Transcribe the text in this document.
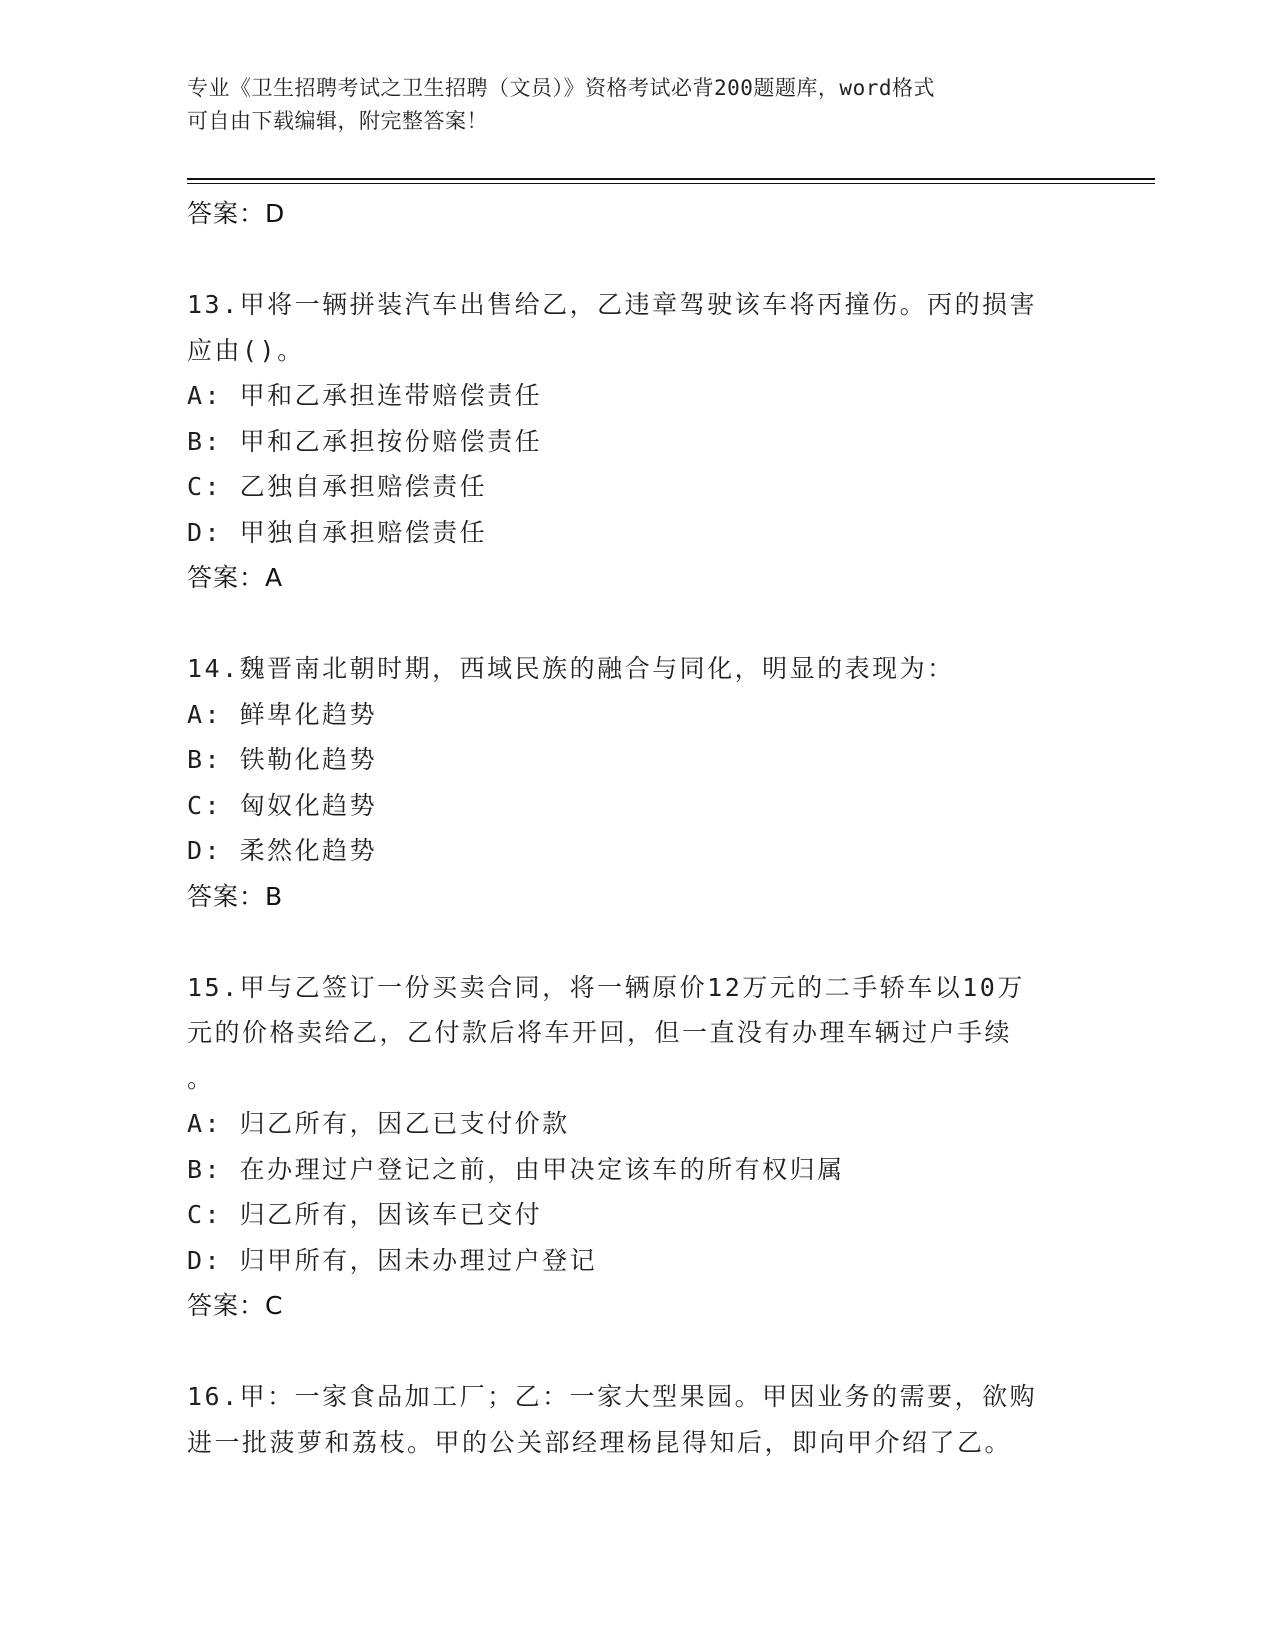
专业《卫生招聘考试之卫生招聘（文员）》资格考试必背200题题库，word格式
可自由下载编辑，附完整答案！
答案：D
13.甲将一辆拼装汽车出售给乙，乙违章驾驶该车将丙撞伤。丙的损害
应由()。
A: 甲和乙承担连带赔偿责任
B: 甲和乙承担按份赔偿责任
C: 乙独自承担赔偿责任
D: 甲独自承担赔偿责任
答案：A
14.魏晋南北朝时期，西域民族的融合与同化，明显的表现为：
A: 鲜卑化趋势
B: 铁勒化趋势
C: 匈奴化趋势
D: 柔然化趋势
答案：B
15.甲与乙签订一份买卖合同，将一辆原价12万元的二手轿车以10万
元的价格卖给乙，乙付款后将车开回，但一直没有办理车辆过户手续
。
A: 归乙所有，因乙已支付价款
B: 在办理过户登记之前，由甲决定该车的所有权归属
C: 归乙所有，因该车已交付
D: 归甲所有，因未办理过户登记
答案：C
16.甲：一家食品加工厂；乙：一家大型果园。甲因业务的需要，欲购
进一批菠萝和荔枝。甲的公关部经理杨昆得知后，即向甲介绍了乙。
